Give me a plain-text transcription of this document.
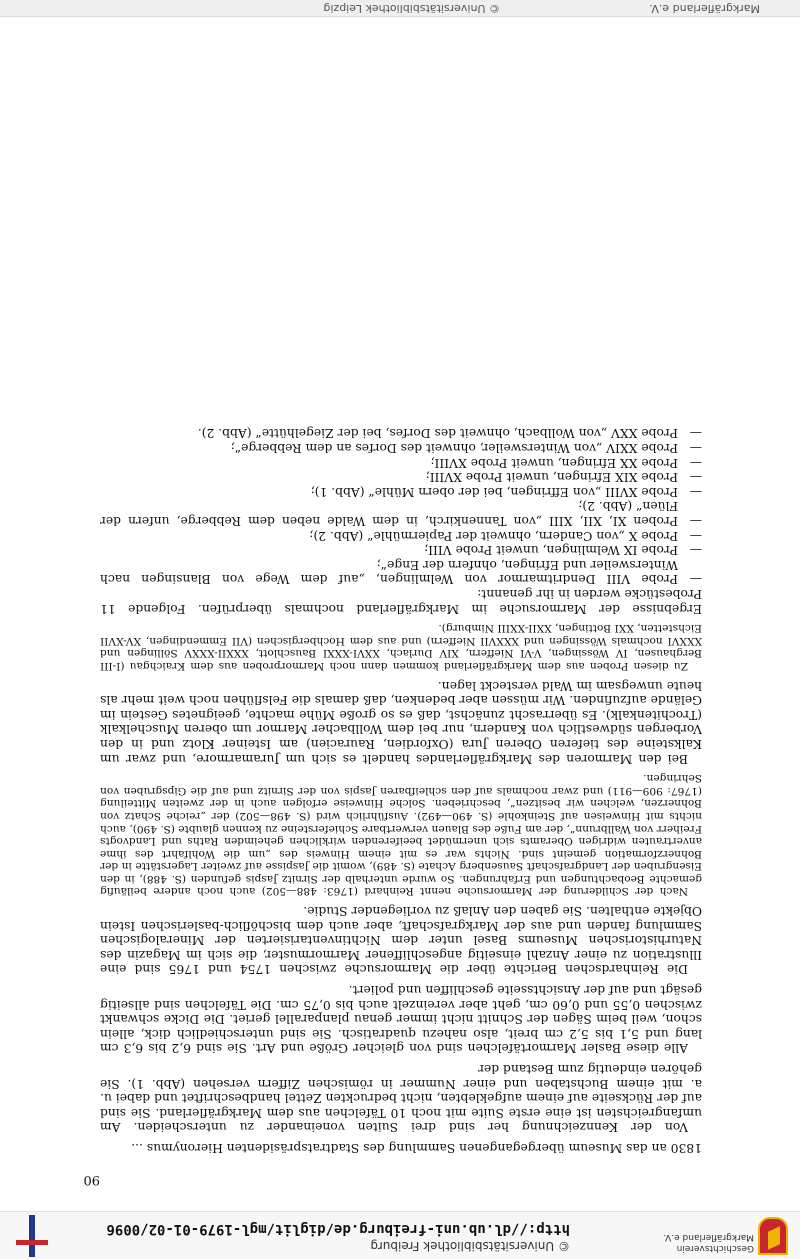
Geschichtsverein Markgräflerland e.V.
© Universitätsbibliothek Freiburg
http://dl.ub.uni-freiburg.de/diglit/mgl-1979-01-02/0096
90

1830 an das Museum übergegangenen Sammlung des Stadtratspräsidenten Hieronymus ...

Von der Kennzeichnung her sind drei Suiten voneinander zu unterscheiden. Am umfangreichsten ist eine erste Suite mit noch 10 Täfelchen aus dem Markgräflerland. Sie sind auf der Rückseite auf einem aufgeklebten, nicht bedruckten Zettel handbeschriftet und dabei u. a. mit einem Buchstaben und einer Nummer in römischen Ziffern versehen (Abb. 1). Sie gehören eindeutig zum Bestand der

Alle diese Basler Marmortäfelchen sind von gleicher Größe und Art. Sie sind 6,2 bis 6,3 cm lang und 5,1 bis 5,2 cm breit, also nahezu quadratisch. Sie sind unterschiedlich dick, allein schon, weil beim Sägen der Schnitt nicht immer genau planparallel geriet. Die Dicke schwankt zwischen 0,55 und 0,60 cm, geht aber vereinzelt auch bis 0,75 cm. Die Täfelchen sind allseitig gesägt und auf der Ansichtsseite geschliffen und poliert.

Die Reinhardschen Berichte über die Marmorsuche zwischen 1754 und 1765 sind eine Illustration zu einer Anzahl einseitig angeschliffener Marmormuster, die sich im Magazin des Naturhistorischen Museums Basel unter dem Nichtinventarisierten der Mineralogischen Sammlung fanden und aus der Markgrafschaft, aber auch dem bischöflich-baslerischen Istein Objekte enthalten. Sie gaben den Anlaß zu vorliegender Studie.

Nach der Schilderung der Marmorsuche nennt Reinhard (1763: 488—502) auch noch andere beiläufig gemachte Beobachtungen und Erfahrungen. So wurde unterhalb der Sirnitz Jaspis gefunden (S. 488), in den Eisengruben der Landgrafschaft Sausenberg Achate (S. 489), womit die Jaspisse auf zweiter Lagerstätte in der Bohnerzformation gemeint sind. Nichts war es mit einem Hinweis des „um die Wohlfahrt des ihme anvertrauten widrigen Oberamts sich unermüdet beeiferenden wirklichen geheimden Raths und Landvogts Freiherr von Wallbrunn“, der am Fuße des Blauen verwertbare Schiefersteine zu kennen glaubte (S. 490), auch nichts mit Hinweisen auf Steinkohle (S. 490—492). Ausführlich wird (S. 498—502) der „reiche Schatz von Bohnerzen, welchen wir besitzen“, beschrieben. Solche Hinweise erfolgen auch in der zweiten Mitteilung (1767: 909—911) und zwar nochmals auf den schleifbaren Jaspis von der Sirnitz und auf die Gipsgruben von Sehringen.

Bei den Marmoren des Markgräflerlandes handelt es sich um Juramarmore, und zwar um Kalksteine des tieferen Oberen Jura (Oxfordien, Rauracien) am Isteiner Klotz und in den Vorbergen südwestlich von Kandern, nur bei dem Wollbacher Marmor um oberen Muschelkalk (Trochitenkalk). Es überrascht zunächst, daß es so große Mühe machte, geeignetes Gestein im Gelände aufzufinden. Wir müssen aber bedenken, daß damals die Felsflühen noch weit mehr als heute unwegsam im Wald versteckt lagen.

Zu diesen Proben aus dem Markgräflerland kommen dann noch Marmorproben aus dem Kraichgau (I-III Berghausen, IV Wössingen, V-VI Nieffern, XIV Durlach, XXVI-XXXI Bauschlott, XXXII-XXXV Söllingen und XXXVI nochmals Wössingen und XXXVII Nieffern) und aus dem Hochbergischen (VII Emmendingen, XV-XVII Eichstetten, XXI Bottingen, XXII-XXIII Nimburg).

Ergebnisse der Marmorsuche im Markgräflerland nochmals überprüfen. Folgende 11 Probestücke werden in ihr genannt:

— Probe VIII Dendritmarmor von Welmlingen, „auf dem Wege von Blansingen nach Wintersweiler und Efringen, ohnfern der Enge“;
— Probe IX Welmlingen, unweit Probe VIII;
— Probe X „von Candern, ohnweit der Papiermühle“ (Abb. 2);
— Proben XI, XII, XIII „von Tannenkirch, in dem Walde neben dem Rebberge, unfern der Flüen“ (Abb. 2);
— Probe XVIII „von Effringen, bei der obern Mühle“ (Abb. 1);
— Probe XIX Efringen, unweit Probe XVIII;
— Probe XX Efringen, unweit Probe XVIII;
— Probe XXIV „von Wintersweiler, ohnweit des Dorfes an dem Rebberge“;
— Probe XXV „von Wollbach, ohnweit des Dorfes, bei der Ziegelhütte“ (Abb. 2).
Markgräflerland e.V.
© Universitätsbibliothek Leipzig
